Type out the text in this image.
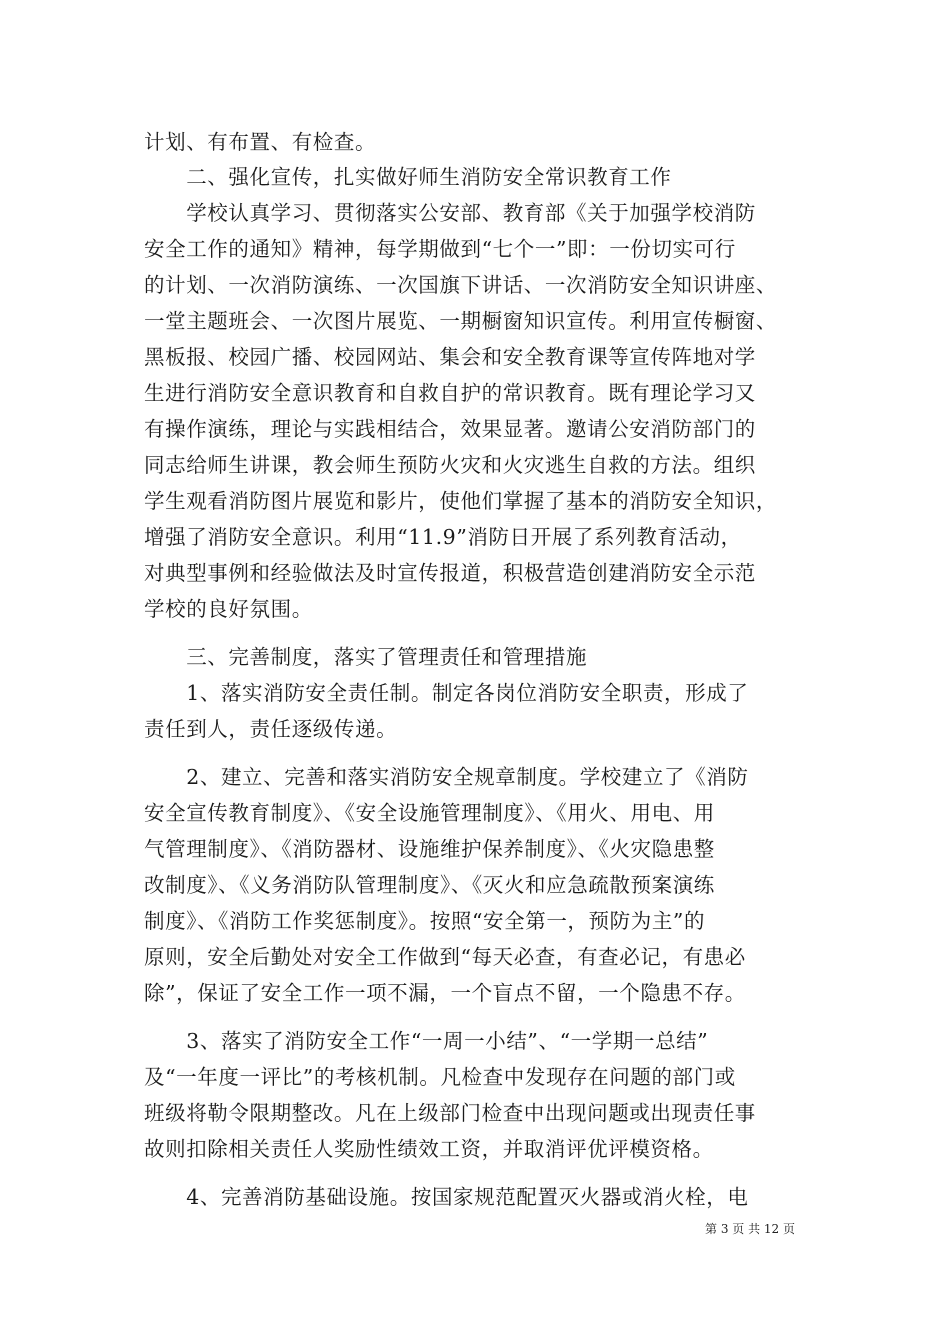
计划、有布置、有检查。
　　二、强化宣传，扎实做好师生消防安全常识教育工作
　　学校认真学习、贯彻落实公安部、教育部《关于加强学校消防
安全工作的通知》精神，每学期做到“七个一”即：一份切实可行
的计划、一次消防演练、一次国旗下讲话、一次消防安全知识讲座、
一堂主题班会、一次图片展览、一期橱窗知识宣传。利用宣传橱窗、
黑板报、校园广播、校园网站、集会和安全教育课等宣传阵地对学
生进行消防安全意识教育和自救自护的常识教育。既有理论学习又
有操作演练，理论与实践相结合，效果显著。邀请公安消防部门的
同志给师生讲课，教会师生预防火灾和火灾逃生自救的方法。组织
学生观看消防图片展览和影片，使他们掌握了基本的消防安全知识，
增强了消防安全意识。利用“11.9”消防日开展了系列教育活动，
对典型事例和经验做法及时宣传报道，积极营造创建消防安全示范
学校的良好氛围。
　　三、完善制度，落实了管理责任和管理措施
　　1、落实消防安全责任制。制定各岗位消防安全职责，形成了
责任到人，责任逐级传递。
　　2、建立、完善和落实消防安全规章制度。学校建立了《消防
安全宣传教育制度》、《安全设施管理制度》、《用火、用电、用
气管理制度》、《消防器材、设施维护保养制度》、《火灾隐患整
改制度》、《义务消防队管理制度》、《灭火和应急疏散预案演练
制度》、《消防工作奖惩制度》。按照“安全第一，预防为主”的
原则，安全后勤处对安全工作做到“每天必查，有查必记，有患必
除”，保证了安全工作一项不漏，一个盲点不留，一个隐患不存。
　　3、落实了消防安全工作“一周一小结”、“一学期一总结”
及“一年度一评比”的考核机制。凡检查中发现存在问题的部门或
班级将勒令限期整改。凡在上级部门检查中出现问题或出现责任事
故则扣除相关责任人奖励性绩效工资，并取消评优评模资格。
　　4、完善消防基础设施。按国家规范配置灭火器或消火栓，电
第 3 页 共 12 页
